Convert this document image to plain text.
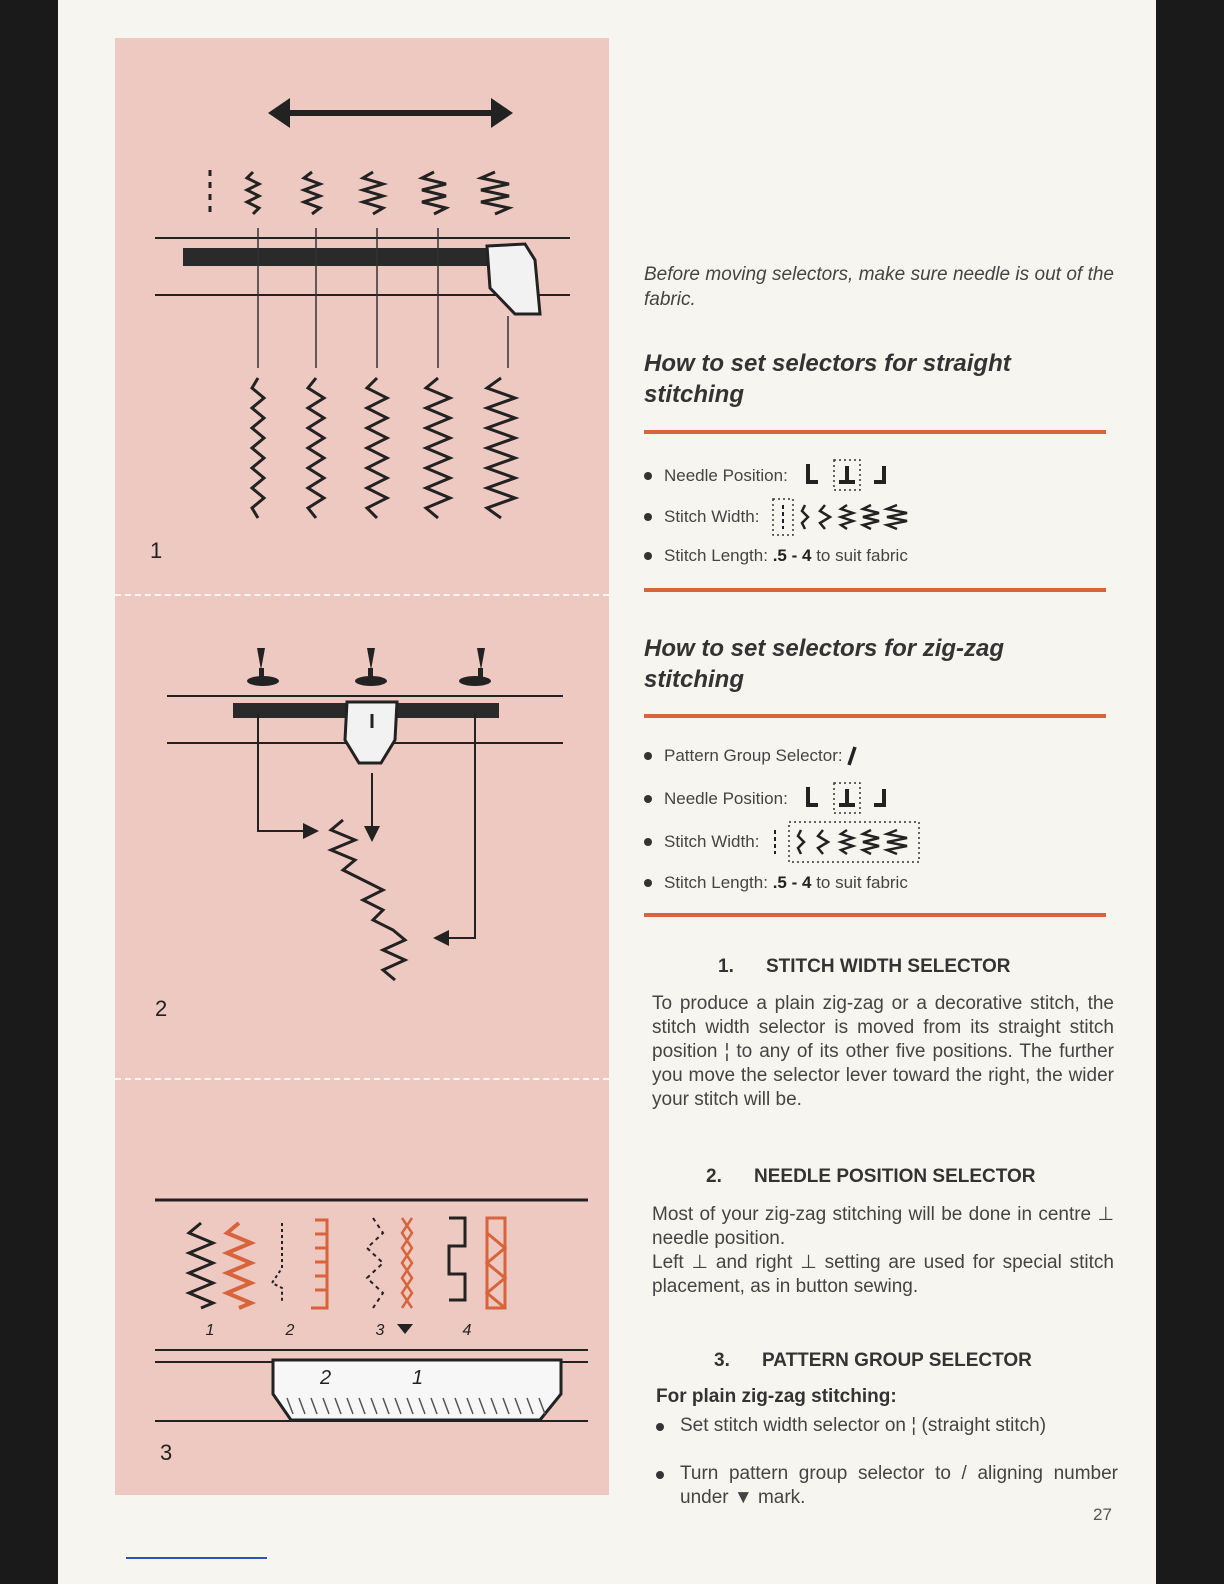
1	2	3	4
2	1
1
2
3
Before moving selectors, make sure needle is out of the fabric.
How to set selectors for straight stitching
Needle Position:
Stitch Width:
Stitch Length:
.5 - 4
to suit fabric
How to set selectors for zig-zag stitching
Pattern Group Selector:
Needle Position:
Stitch Width:
Stitch Length:
.5 - 4
to suit fabric
1. STITCH WIDTH SELECTOR
To produce a plain zig-zag or a decorative stitch, the stitch width selector is moved from its straight stitch position ¦ to any of its other five positions. The further you move the selector lever toward the right, the wider your stitch will be.
2. NEEDLE POSITION SELECTOR
Most of your zig-zag stitching will be done in centre ⊥ needle position.
Left ⊥ and right ⊥ setting are used for special stitch placement, as in button sewing.
3. PATTERN GROUP SELECTOR
For plain zig-zag stitching:
Set stitch width selector on ¦ (straight stitch)
Turn pattern group selector to / aligning number under ▼ mark.
27
